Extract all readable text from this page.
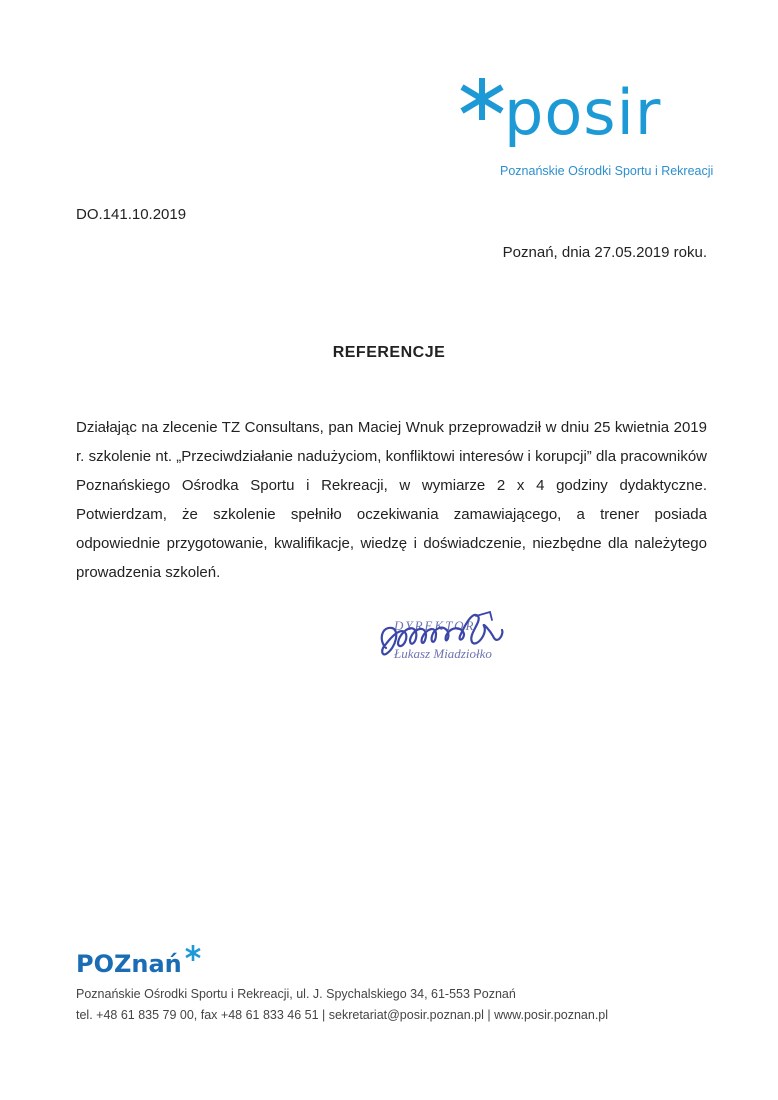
posir
Poznańskie Ośrodki Sportu i Rekreacji
DO.141.10.2019
Poznań, dnia 27.05.2019 roku.
REFERENCJE
Działając na zlecenie TZ Consultans, pan Maciej Wnuk przeprowadził w dniu 25 kwietnia 2019 r. szkolenie nt. „Przeciwdziałanie nadużyciom, konfliktowi interesów i korupcji” dla pracowników Poznańskiego Ośrodka Sportu i Rekreacji, w wymiarze 2 x 4 godziny dydaktyczne. Potwierdzam, że szkolenie spełniło oczekiwania zamawiającego, a trener posiada odpowiednie przygotowanie, kwalifikacje, wiedzę i doświadczenie, niezbędne dla należytego prowadzenia szkoleń.
DYREKTOR
Łukasz Miadziołko
POZnań
Poznańskie Ośrodki Sportu i Rekreacji, ul. J. Spychalskiego 34, 61-553 Poznań
tel. +48 61 835 79 00, fax +48 61 833 46 51 | sekretariat@posir.poznan.pl | www.posir.poznan.pl
